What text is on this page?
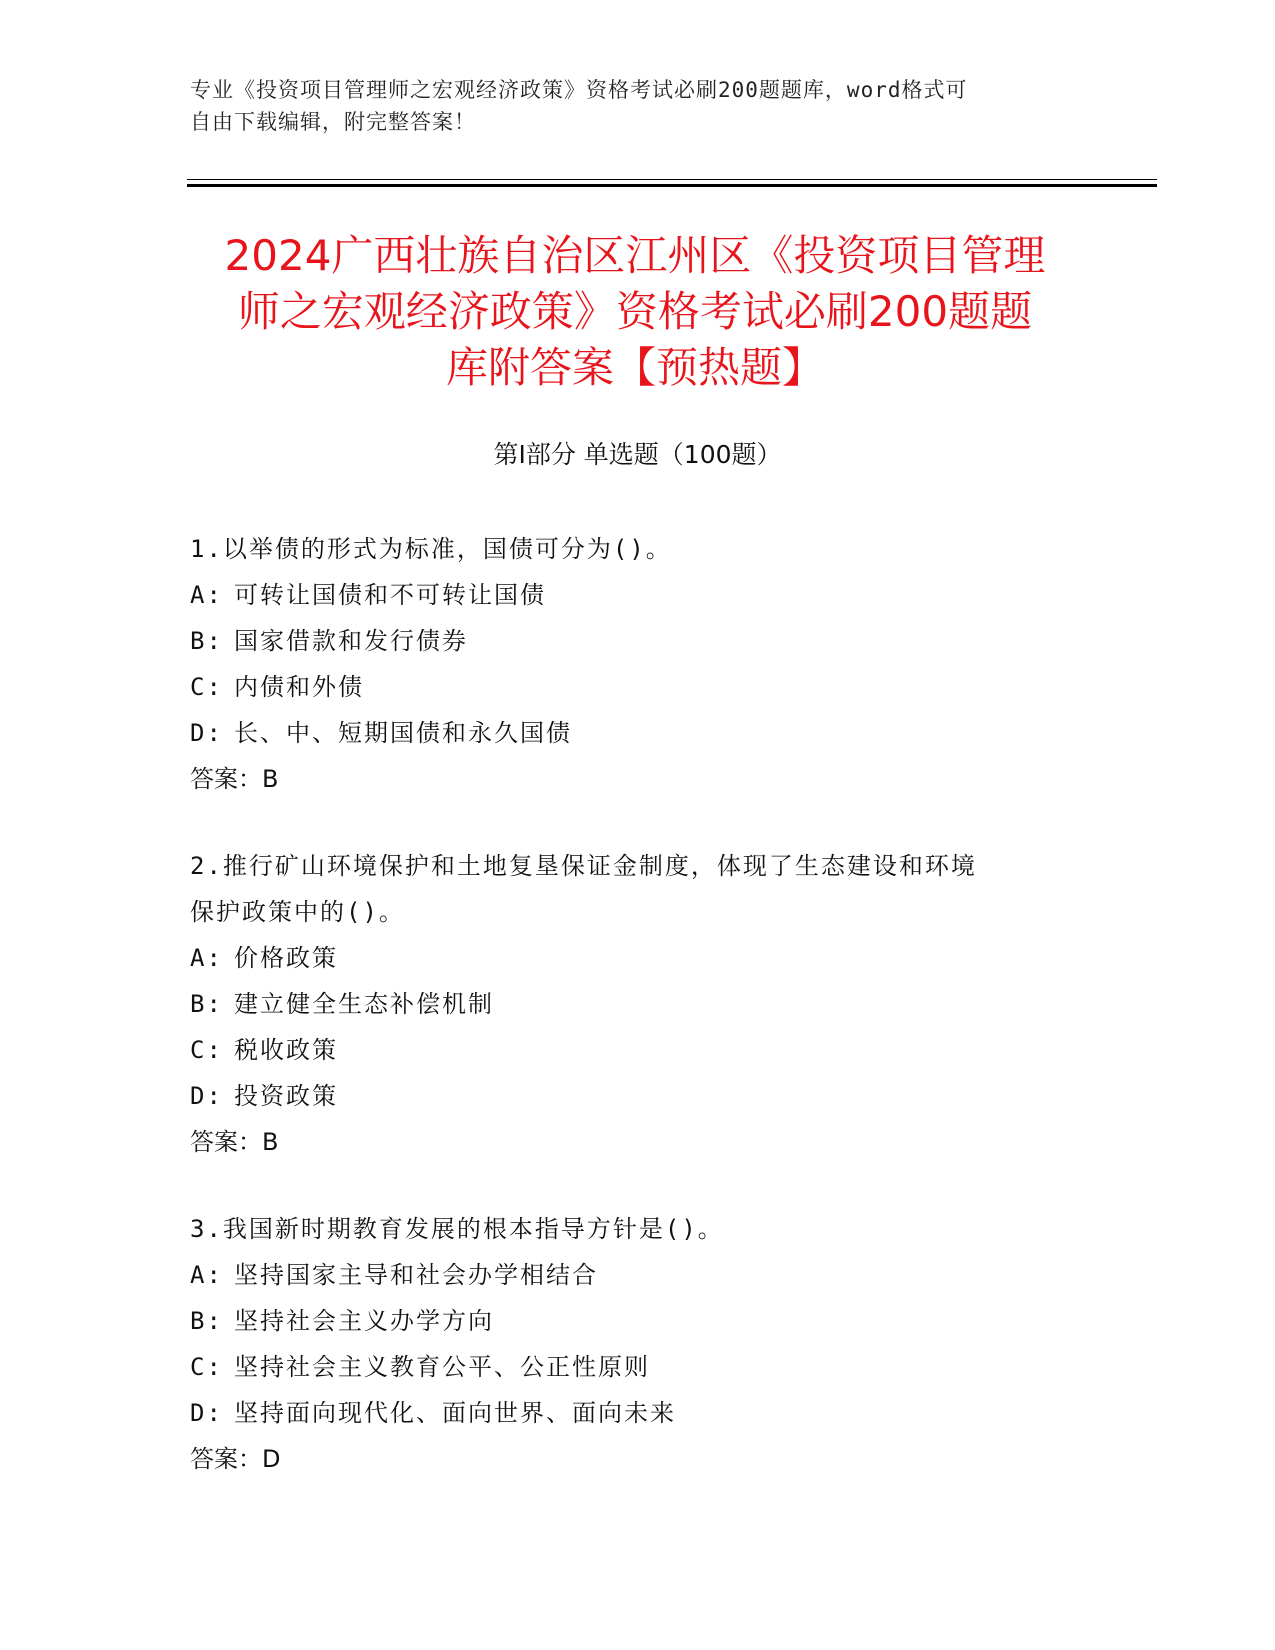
专业《投资项目管理师之宏观经济政策》资格考试必刷200题题库，word格式可
自由下载编辑，附完整答案！
2024广西壮族自治区江州区《投资项目管理
师之宏观经济政策》资格考试必刷200题题
库附答案【预热题】
第I部分 单选题（100题）
1.以举债的形式为标准，国债可分为()。
A: 可转让国债和不可转让国债
B: 国家借款和发行债券
C: 内债和外债
D: 长、中、短期国债和永久国债
答案：B
2.推行矿山环境保护和土地复垦保证金制度，体现了生态建设和环境
保护政策中的()。
A: 价格政策
B: 建立健全生态补偿机制
C: 税收政策
D: 投资政策
答案：B
3.我国新时期教育发展的根本指导方针是()。
A: 坚持国家主导和社会办学相结合
B: 坚持社会主义办学方向
C: 坚持社会主义教育公平、公正性原则
D: 坚持面向现代化、面向世界、面向未来
答案：D
